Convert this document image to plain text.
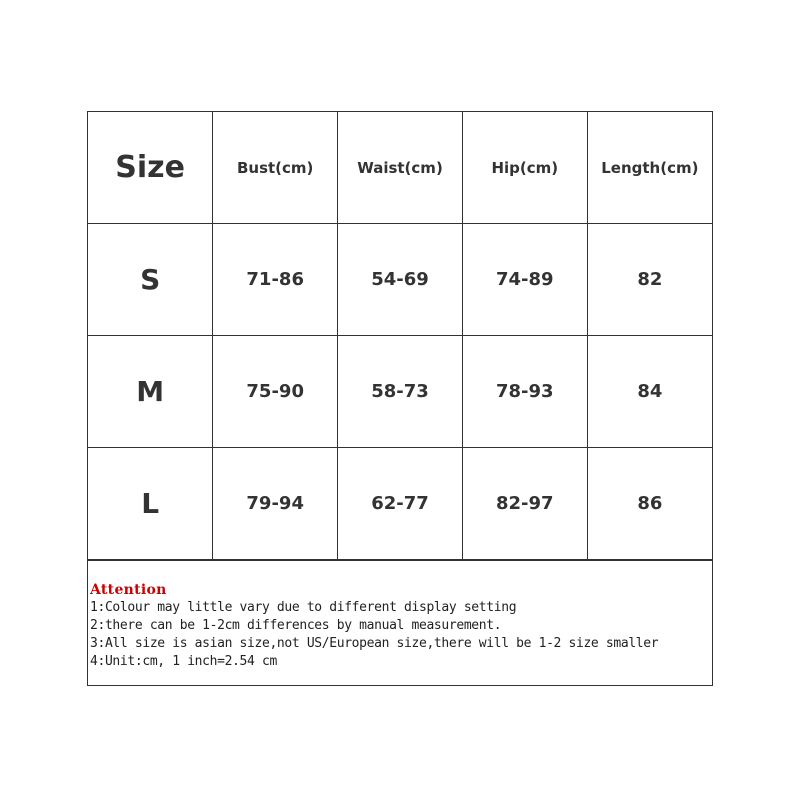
Size	Bust(cm)	Waist(cm)	Hip(cm)	Length(cm)
S	71-86	54-69	74-89	82
M	75-90	58-73	78-93	84
L	79-94	62-77	82-97	86
Attention
1:Colour may little vary due to different display setting
2:there can be 1-2cm differences by manual measurement.
3:All size is asian size,not US/European size,there will be 1-2 size smaller
4:Unit:cm, 1 inch=2.54 cm
